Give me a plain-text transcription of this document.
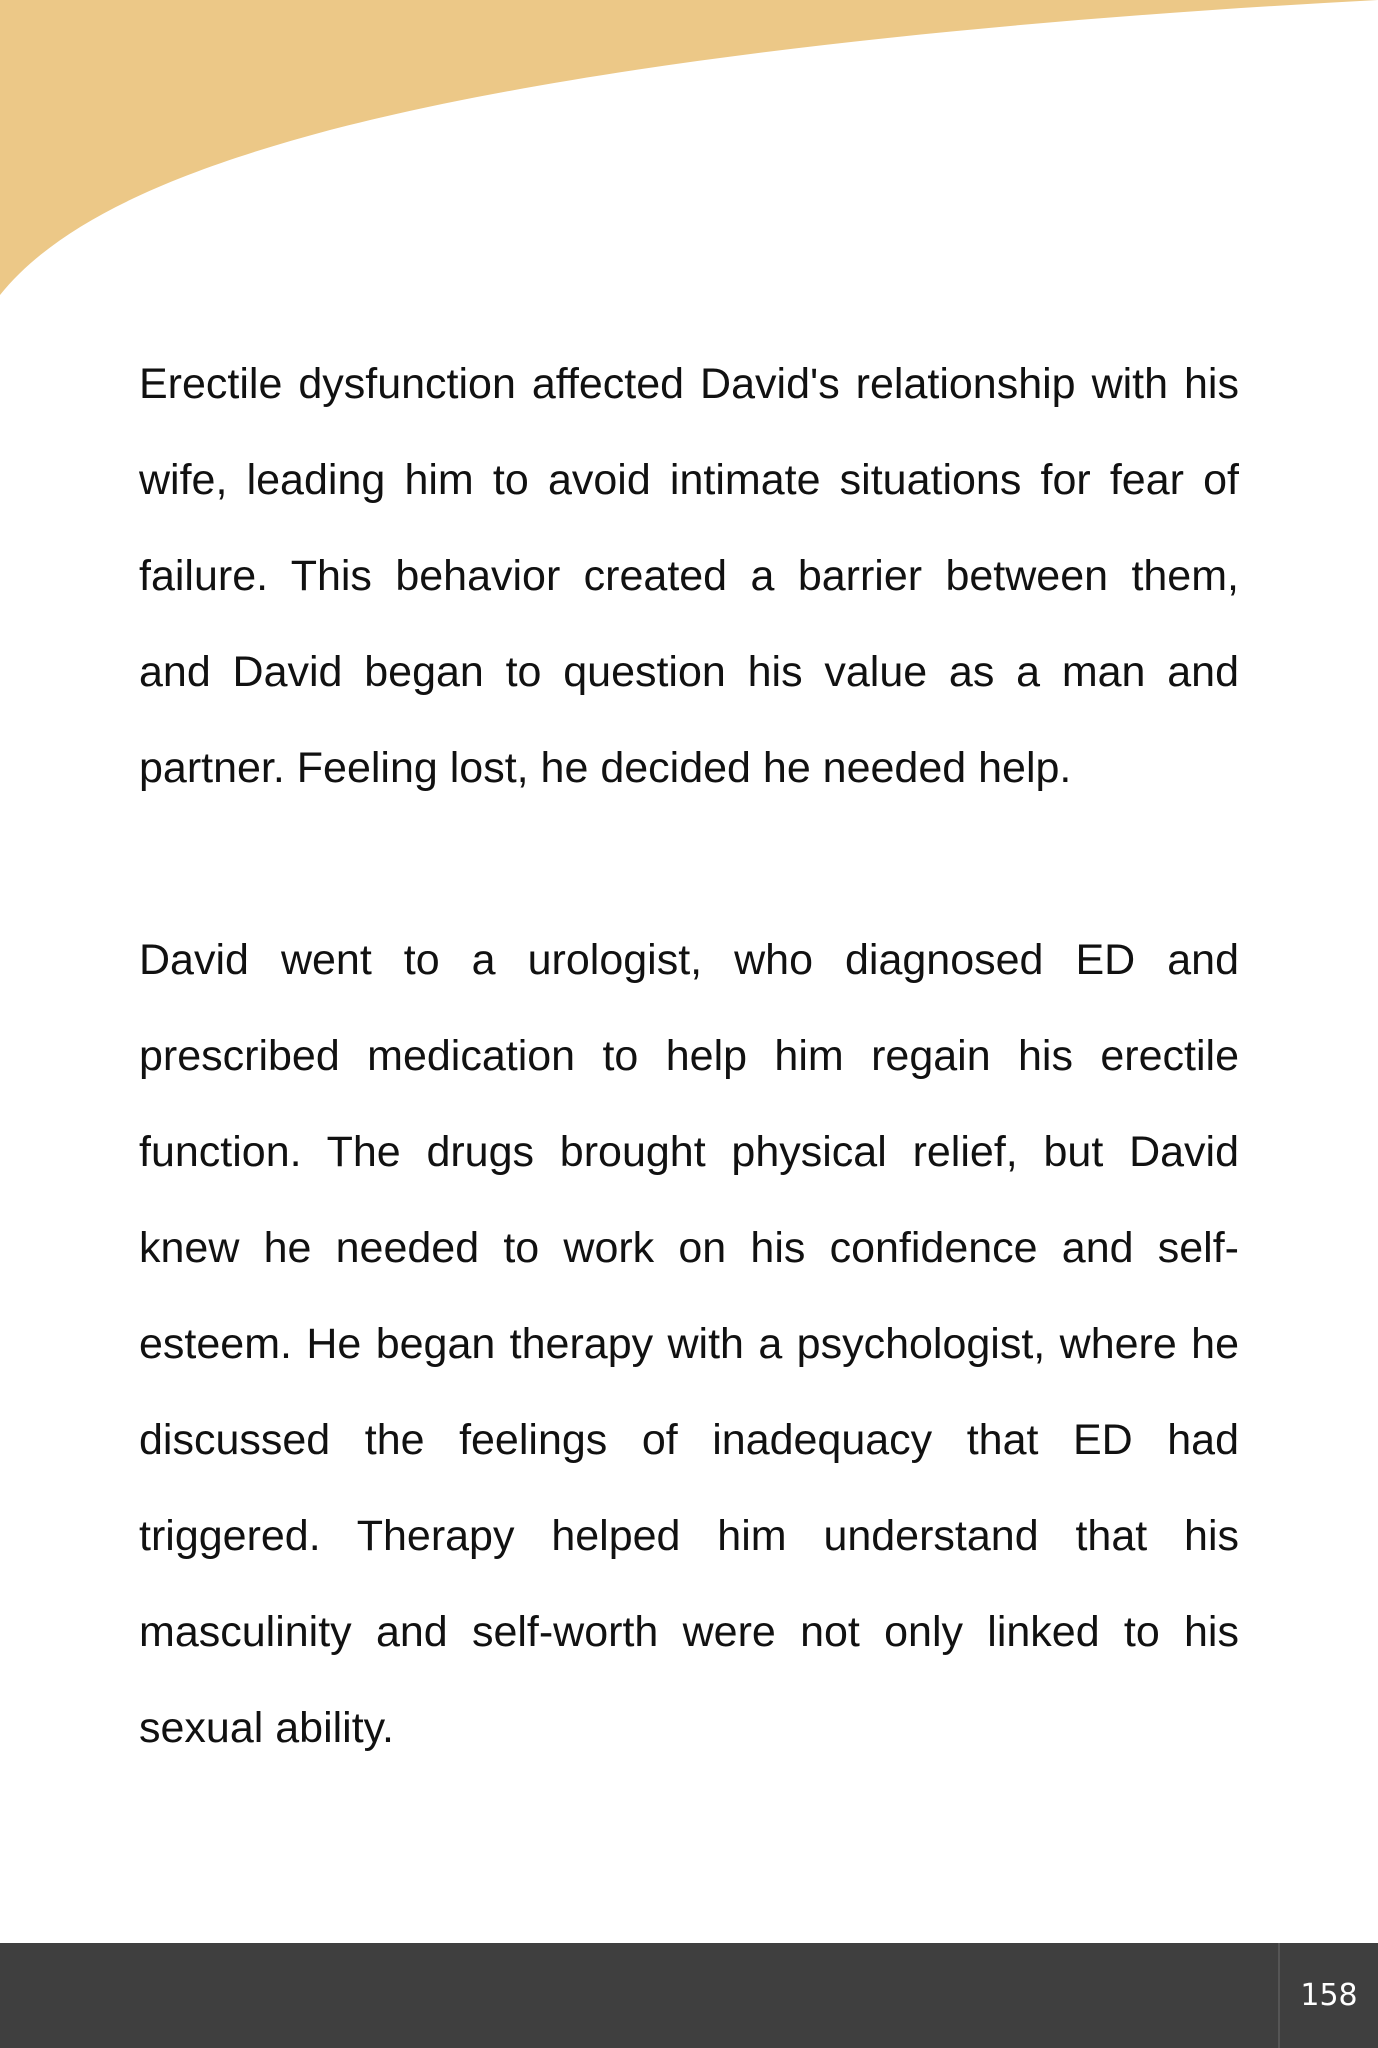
Erectile dysfunction affected David's relationship with his wife, leading him to avoid intimate situations for fear of failure. This behavior created a barrier between them, and David began to question his value as a man and partner. Feeling lost, he decided he needed help.

David went to a urologist, who diagnosed ED and prescribed medication to help him regain his erectile function. The drugs brought physical relief, but David knew he needed to work on his confidence and self-esteem. He began therapy with a psychologist, where he discussed the feelings of inadequacy that ED had triggered. Therapy helped him understand that his masculinity and self-worth were not only linked to his sexual ability.

158
